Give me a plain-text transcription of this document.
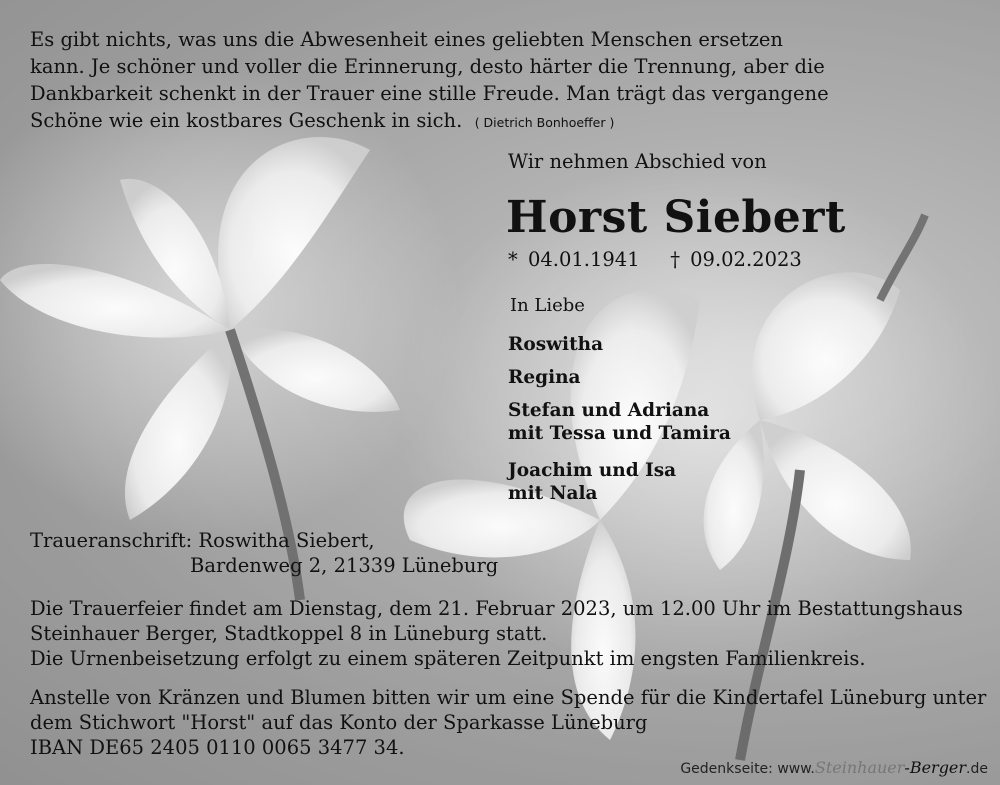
Es gibt nichts, was uns die Abwesenheit eines geliebten Menschen ersetzen
kann. Je schöner und voller die Erinnerung, desto härter die Trennung, aber die
Dankbarkeit schenkt in der Trauer eine stille Freude. Man trägt das vergangene
Schöne wie ein kostbares Geschenk in sich. ( Dietrich Bonhoeffer )
Wir nehmen Abschied von
Horst Siebert
* 04.01.1941   † 09.02.2023
In Liebe
Roswitha
Regina
Stefan und Adriana
mit Tessa und Tamira
Joachim und Isa
mit Nala
Traueranschrift: Roswitha Siebert,
Bardenweg 2, 21339 Lüneburg
Die Trauerfeier findet am Dienstag, dem 21. Februar 2023, um 12.00 Uhr im Bestattungshaus
Steinhauer Berger, Stadtkoppel 8 in Lüneburg statt.
Die Urnenbeisetzung erfolgt zu einem späteren Zeitpunkt im engsten Familienkreis.
Anstelle von Kränzen und Blumen bitten wir um eine Spende für die Kindertafel Lüneburg unter
dem Stichwort "Horst" auf das Konto der Sparkasse Lüneburg
IBAN DE65 2405 0110 0065 3477 34.
Gedenkseite: www.Steinhauer-Berger.de
